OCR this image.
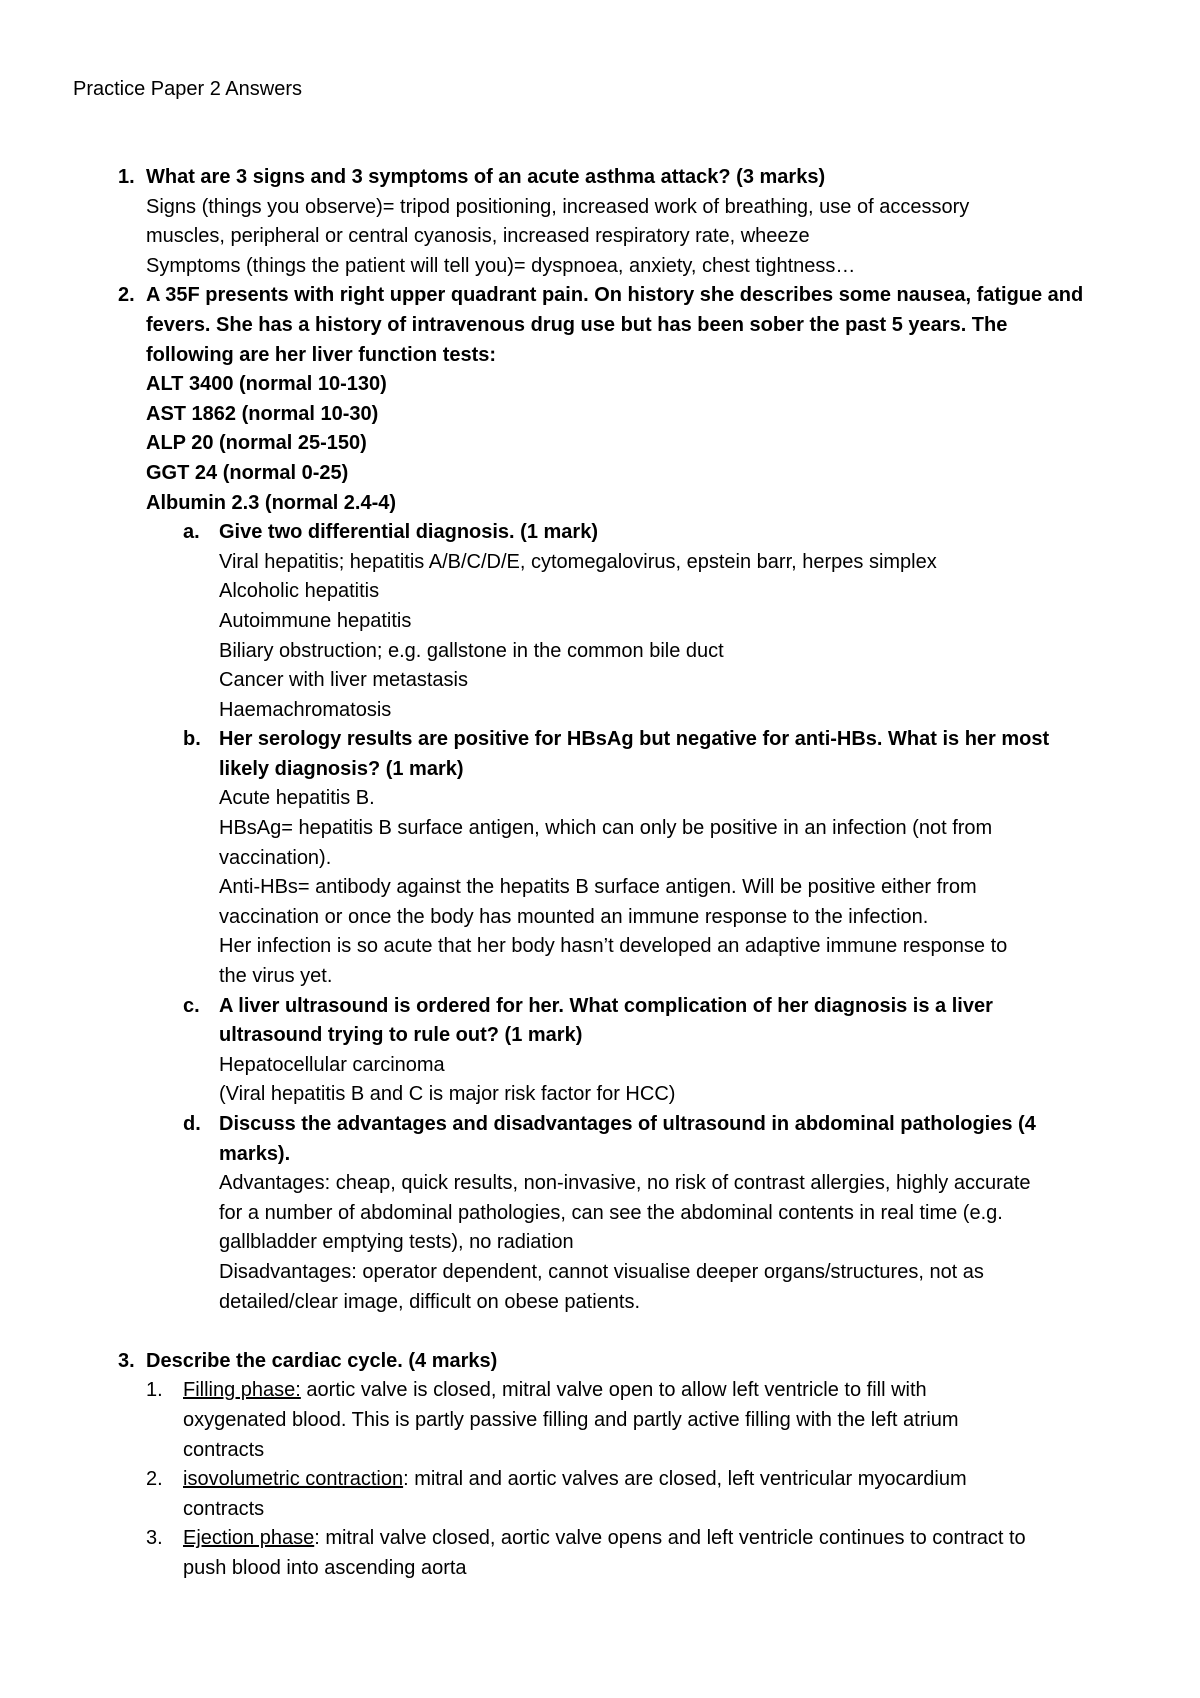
Practice Paper 2 Answers
1. What are 3 signs and 3 symptoms of an acute asthma attack? (3 marks)
Signs (things you observe)= tripod positioning, increased work of breathing, use of accessory
muscles, peripheral or central cyanosis, increased respiratory rate, wheeze
Symptoms (things the patient will tell you)= dyspnoea, anxiety, chest tightness…
2. A 35F presents with right upper quadrant pain. On history she describes some nausea, fatigue and
fevers. She has a history of intravenous drug use but has been sober the past 5 years. The
following are her liver function tests:
ALT 3400 (normal 10-130)
AST 1862 (normal 10-30)
ALP 20 (normal 25-150)
GGT 24 (normal 0-25)
Albumin 2.3 (normal 2.4-4)
a. Give two differential diagnosis. (1 mark)
Viral hepatitis; hepatitis A/B/C/D/E, cytomegalovirus, epstein barr, herpes simplex
Alcoholic hepatitis
Autoimmune hepatitis
Biliary obstruction; e.g. gallstone in the common bile duct
Cancer with liver metastasis
Haemachromatosis
b. Her serology results are positive for HBsAg but negative for anti-HBs. What is her most
likely diagnosis? (1 mark)
Acute hepatitis B.
HBsAg= hepatitis B surface antigen, which can only be positive in an infection (not from
vaccination).
Anti-HBs= antibody against the hepatits B surface antigen. Will be positive either from
vaccination or once the body has mounted an immune response to the infection.
Her infection is so acute that her body hasn’t developed an adaptive immune response to
the virus yet.
c. A liver ultrasound is ordered for her. What complication of her diagnosis is a liver
ultrasound trying to rule out? (1 mark)
Hepatocellular carcinoma
(Viral hepatitis B and C is major risk factor for HCC)
d. Discuss the advantages and disadvantages of ultrasound in abdominal pathologies (4
marks).
Advantages: cheap, quick results, non-invasive, no risk of contrast allergies, highly accurate
for a number of abdominal pathologies, can see the abdominal contents in real time (e.g.
gallbladder emptying tests), no radiation
Disadvantages: operator dependent, cannot visualise deeper organs/structures, not as
detailed/clear image, difficult on obese patients.
3. Describe the cardiac cycle. (4 marks)
1. Filling phase: aortic valve is closed, mitral valve open to allow left ventricle to fill with
oxygenated blood. This is partly passive filling and partly active filling with the left atrium
contracts
2. isovolumetric contraction: mitral and aortic valves are closed, left ventricular myocardium
contracts
3. Ejection phase: mitral valve closed, aortic valve opens and left ventricle continues to contract to
push blood into ascending aorta
